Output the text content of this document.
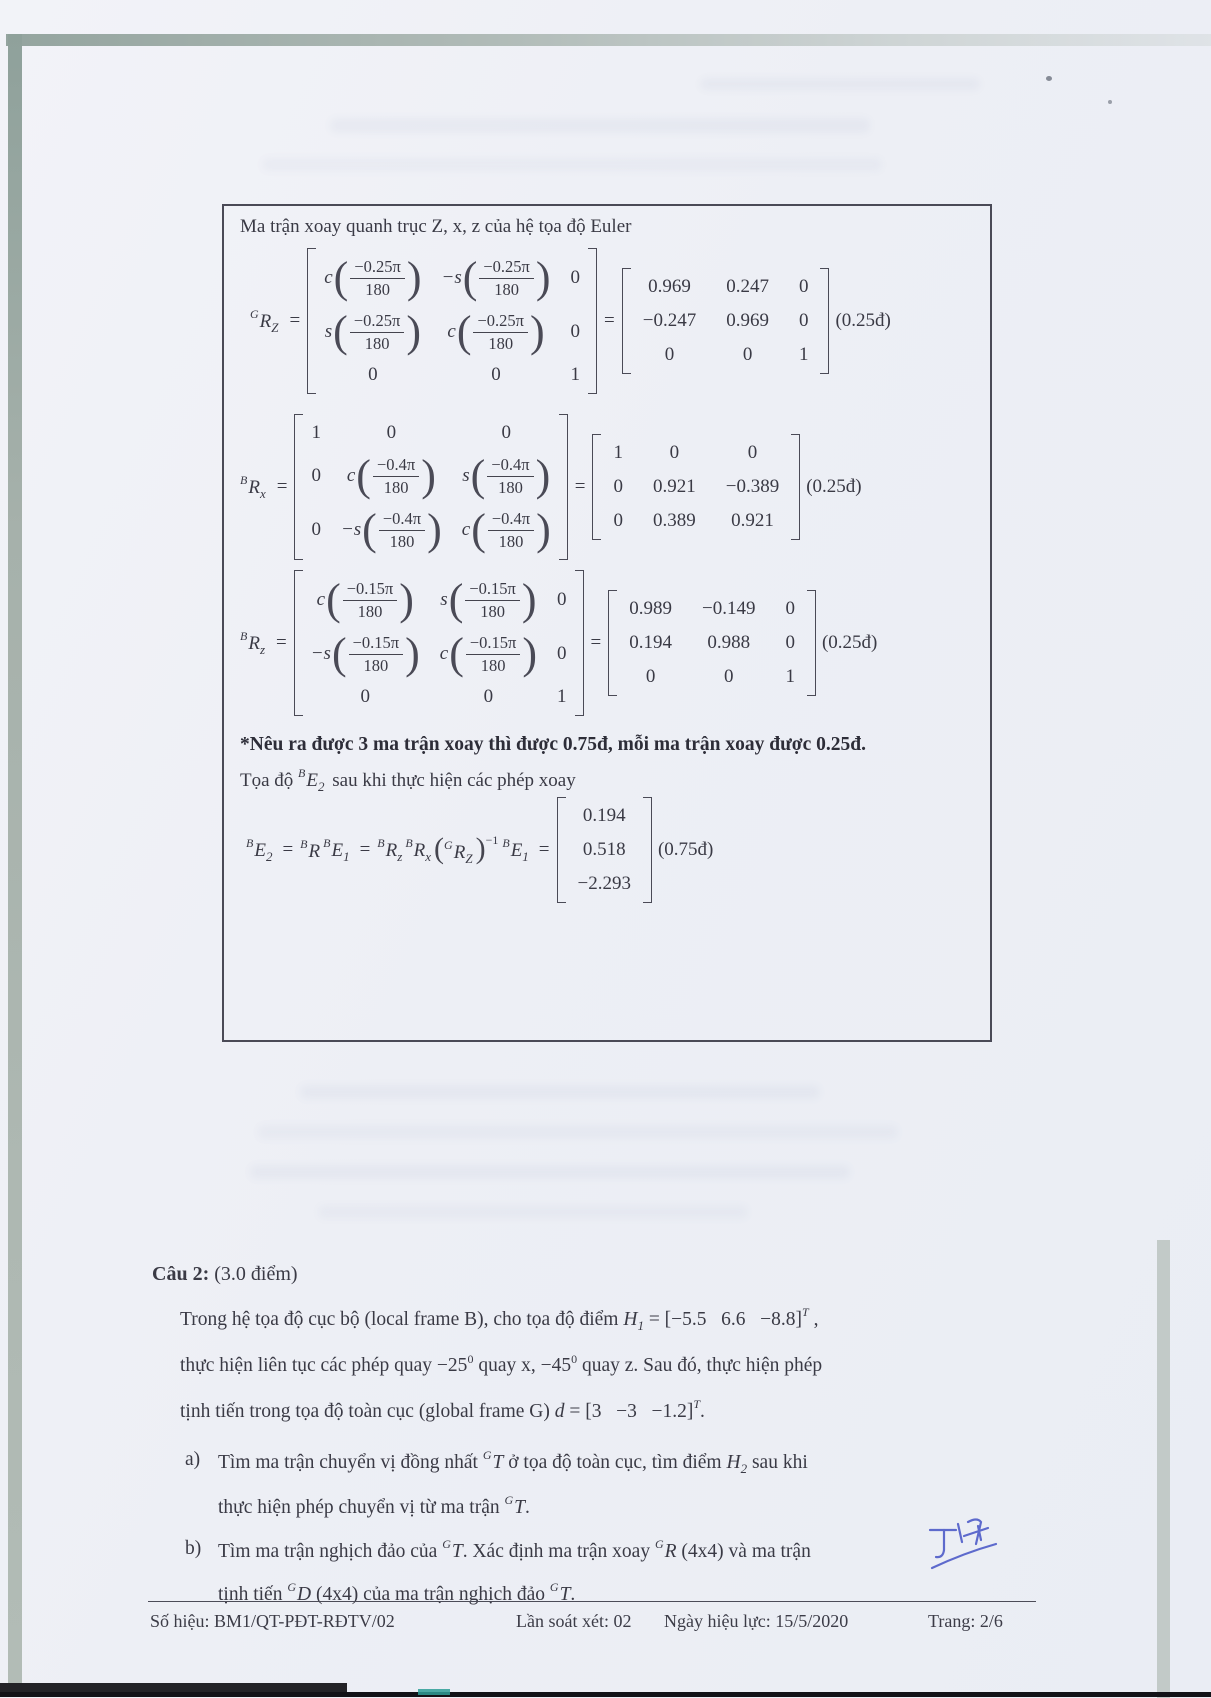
Ma trận xoay quanh trục Z, x, z của hệ tọa độ Euler
$^GR_Z$ =
c ( $\frac{-0.25\pi}{180}$ ) −s ( $\frac{-0.25\pi}{180}$ ) 0
s ( $\frac{-0.25\pi}{180}$ ) c ( $\frac{-0.25\pi}{180}$ ) 0
0	0	1
=
0.969 0.247 0
−0.247 0.969 0
0	0 1
(0.25đ)
$^BR_x$ =
1	0	0
0 c ( $\frac{-0.4\pi}{180}$ ) s ( $\frac{-0.4\pi}{180}$ )
0 −s ( $\frac{-0.4\pi}{180}$ ) c ( $\frac{-0.4\pi}{180}$ )
=
1 0	0
0 0.921 −0.389
0 0.389 0.921
(0.25đ)
$^BR_z$ =
c ( $\frac{-0.15\pi}{180}$ ) s ( $\frac{-0.15\pi}{180}$ ) 0
−s ( $\frac{-0.15\pi}{180}$ ) c ( $\frac{-0.15\pi}{180}$ ) 0
0	0	1
=
0.989 −0.149 0
0.194 0.988 0
0	0	1
(0.25đ)
*Nêu ra được 3 ma trận xoay thì được 0.75đ, mỗi ma trận xoay được 0.25đ.
Tọa độ $^BE_2$ sau khi thực hiện các phép xoay
$^BE_2 = ^BR$ $^BE_1 = ^BR_z$
$^BR_x$ ($^GR_Z$ )$^{-1}$ $^BE_1$ =
0.194
0.518
−2.293
(0.75đ)
Câu 2: (3.0 điểm)
Trong hệ tọa độ cục bộ (local frame B), cho tọa độ điểm $H_1 = [-5.5$  6.6  −8.8]$^T$ ,
thực hiện liên tục các phép quay $-25^0$ quay x, $-45^0$ quay z. Sau đó, thực hiện phép
tịnh tiến trong tọa độ toàn cục (global frame G) d = [3  −3  −1.2]$^T$.
a) Tìm ma trận chuyển vị đồng nhất $^G$T ở tọa độ toàn cục, tìm điểm $H_2$ sau khi
thực hiện phép chuyển vị từ ma trận $^G$T.
b) Tìm ma trận nghịch đảo của $^G$T. Xác định ma trận xoay $^G$R (4x4) và ma trận
tịnh tiến $^G$D (4x4) của ma trận nghịch đảo $^G$T.
Số hiệu: BM1/QT-PĐT-RĐTV/02	Lần soát xét: 02 Ngày hiệu lực: 15/5/2020	Trang: 2/6
